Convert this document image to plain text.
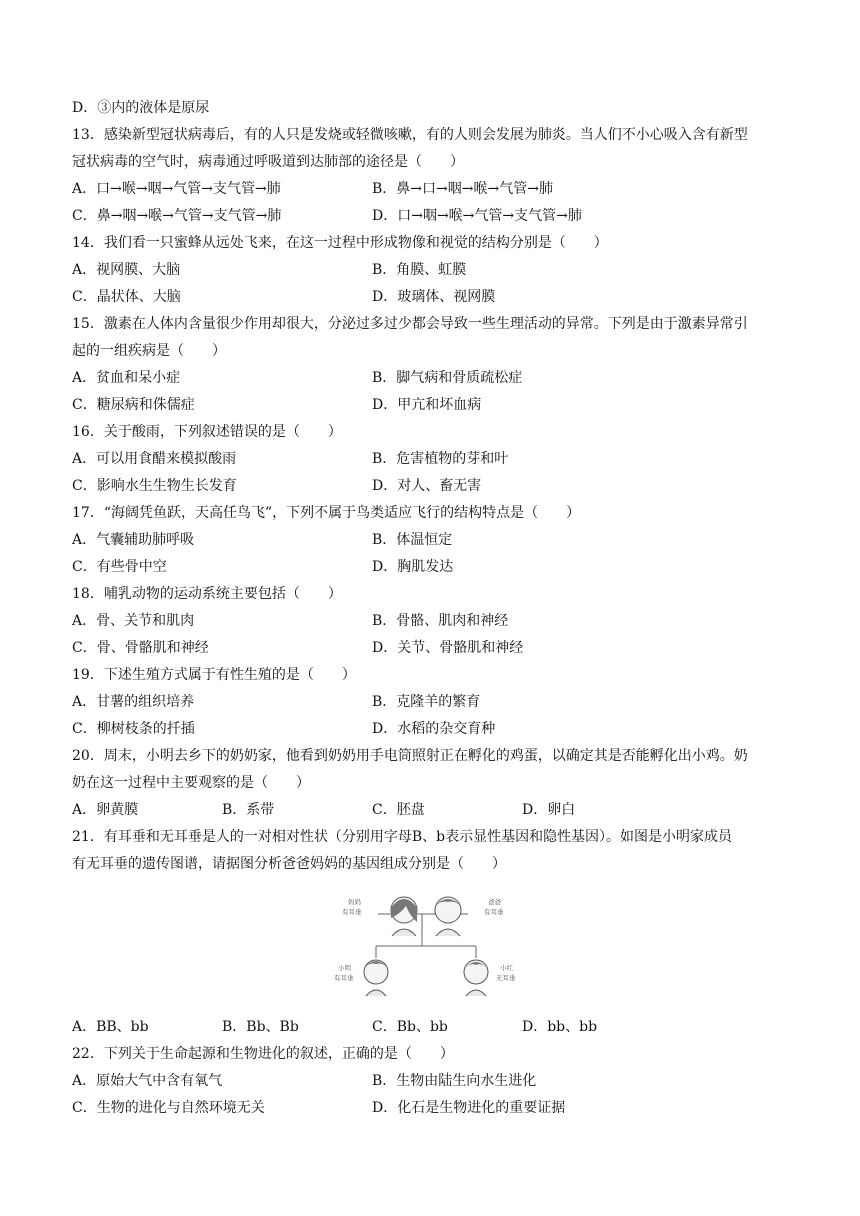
D．③内的液体是原尿
13．感染新型冠状病毒后，有的人只是发烧或轻微咳嗽，有的人则会发展为肺炎。当人们不小心吸入含有新型
冠状病毒的空气时，病毒通过呼吸道到达肺部的途径是（　　）
A．口→喉→咽→气管→支气管→肺	B．鼻→口→咽→喉→气管→肺
C．鼻→咽→喉→气管→支气管→肺	D．口→咽→喉→气管→支气管→肺
14．我们看一只蜜蜂从远处飞来，在这一过程中形成物像和视觉的结构分别是（　　）
A．视网膜、大脑	B．角膜、虹膜
C．晶状体、大脑	D．玻璃体、视网膜
15．激素在人体内含量很少作用却很大，分泌过多过少都会导致一些生理活动的异常。下列是由于激素异常引
起的一组疾病是（　　）
A．贫血和呆小症	B．脚气病和骨质疏松症
C．糖尿病和侏儒症	D．甲亢和坏血病
16．关于酸雨，下列叙述错误的是（　　）
A．可以用食醋来模拟酸雨	B．危害植物的芽和叶
C．影响水生生物生长发育	D．对人、畜无害
17．“海阔凭鱼跃，天高任鸟飞”，下列不属于鸟类适应飞行的结构特点是（　　）
A．气囊辅助肺呼吸	B．体温恒定
C．有些骨中空	D．胸肌发达
18．哺乳动物的运动系统主要包括（　　）
A．骨、关节和肌肉	B．骨骼、肌肉和神经
C．骨、骨骼肌和神经	D．关节、骨骼肌和神经
19．下述生殖方式属于有性生殖的是（　　）
A．甘薯的组织培养	B．克隆羊的繁育
C．柳树枝条的扦插	D．水稻的杂交育种
20．周末，小明去乡下的奶奶家，他看到奶奶用手电筒照射正在孵化的鸡蛋，以确定其是否能孵化出小鸡。奶
奶在这一过程中主要观察的是（　　）
A．卵黄膜	B．系带	C．胚盘	D．卵白
21．有耳垂和无耳垂是人的一对相对性状（分别用字母B、b表示显性基因和隐性基因）。如图是小明家成员
有无耳垂的遗传图谱，请据图分析爸爸妈妈的基因组成分别是（　　）
妈妈
有耳垂
爸爸
有耳垂
小明
有耳垂
小红
无耳垂
A．BB、bb	B．Bb、Bb	C．Bb、bb	D．bb、bb
22．下列关于生命起源和生物进化的叙述，正确的是（　　）
A．原始大气中含有氧气	B．生物由陆生向水生进化
C．生物的进化与自然环境无关	D．化石是生物进化的重要证据
